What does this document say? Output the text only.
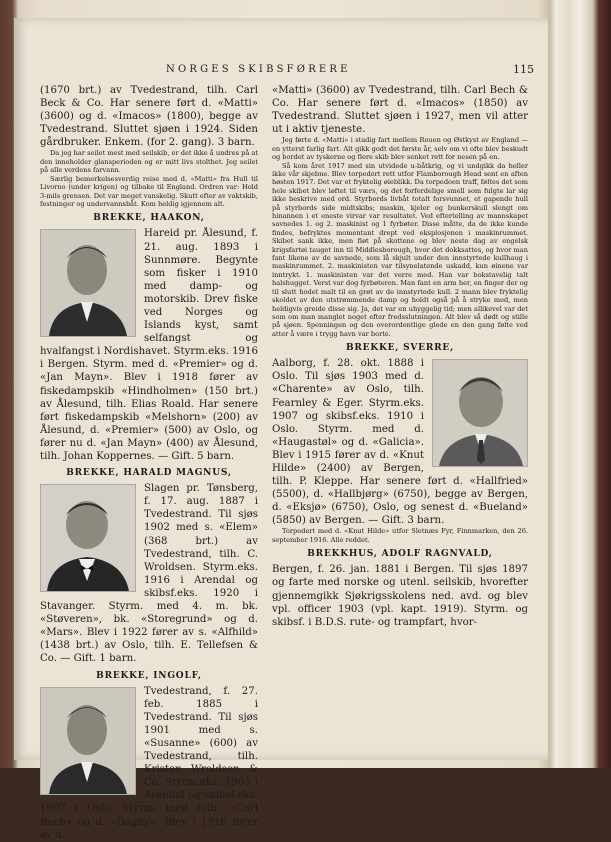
NORGES SKIBSFØRERE	115

(1670 brt.) av Tvedestrand, tilh. Carl Beck & Co. Har senere ført d. «Matti» (3600) og d. «Imacos» (1800), begge av Tvedestrand. Sluttet sjøen i 1924. Siden gårdbruker. Enkem. (for 2. gang). 3 barn.

Da jeg har seilet mest med seilskib, er det ikke å undres på at den inneholder glansperioden og er mitt livs stolthet. Jeg seilet på alle verdens farvann.

Særlig bemerkelsesverdig reise med d. «Matti» fra Hull til Livorno (under krigen) og tilbake til England. Ordren var: Hold 3-mils grensen. Det var meget vanskelig. Skutt efter av vaktskib, festninger og undervannsbåt. Kom heldig igjennem alt.

BREKKE, HAAKON,

Hareid pr. Ålesund, f. 21. aug. 1893 i Sunnmøre. Begynte som fisker i 1910 med damp- og motorskib. Drev fiske ved Norges og Islands kyst, samt selfangst og hvalfangst i Nordishavet. Styrm.eks. 1916 i Bergen. Styrm. med d. «Premier» og d. «Jan Mayn». Blev i 1918 fører av fiskedampskib «Hindholmen» (150 brt.) av Ålesund, tilh. Elias Roald. Har senere ført fiskedampskib «Melshorn» (200) av Ålesund, d. «Premier» (500) av Oslo, og fører nu d. «Jan Mayn» (400) av Ålesund, tilh. Johan Koppernes. — Gift. 5 barn.

BREKKE, HARALD MAGNUS,

Slagen pr. Tønsberg, f. 17. aug. 1887 i Tvedestrand. Til sjøs 1902 med s. «Elem» (368 brt.) av Tvedestrand, tilh. C. Wroldsen. Styrm.eks. 1916 i Arendal og skibsf.eks. 1920 i Stavanger. Styrm. med 4. m. bk. «Støveren», bk. «Storegrund» og d. «Mars». Blev i 1922 fører av s. «Alfhild» (1438 brt.) av Oslo, tilh. E. Tellefsen & Co. — Gift. 1 barn.

BREKKE, INGOLF,

Tvedestrand, f. 27. feb. 1885 i Tvedestrand. Til sjøs 1901 med s. «Susanne» (600) av Tvedestrand, tilh. Kristen Wroldsen & Co. Styrm.eks. 1903 i Arendal og skibsf.eks. 1907 i Oslo. Styrm. med fullr. «Carl Bech» og d. «Dagny». Blev i 1916 fører av d.

«Matti» (3600) av Tvedestrand, tilh. Carl Bech & Co. Har senere ført d. «Imacos» (1850) av Tvedestrand. Sluttet sjøen i 1927, men vil atter ut i aktiv tjeneste.

Jeg førte d. «Matti» i stadig fart mellem Rouen og Østkyst av England — en ytterst farlig fart. Alt gikk godt det første år, selv om vi ofte blev beskudt og bordet av tyskerne og flere skib blev senket rett for nesen på en.

Så kom året 1917 med sin utvidede u-båtkrig, og vi undgikk da heller ikke vår skjebne. Blev torpedert rett utfor Flamborough Head sent en aften høsten 1917. Det var et fryktelig øieblikk. Da torpedoen traff, føltes det som hele skibet blev løftet til værs, og det forferdelige smell som fulgte lar sig ikke beskrive med ord. Styrbords livbåt totalt forsvunnet, et gapende hull på styrbords side midtskibs; maskin, kjeler og bunkerskull slengt om hinannen i et eneste virvar var resultatet. Ved eftertelling av mannskapet savnedes 1. og 2. maskinist og 1 fyrbøter. Disse måtte, da de ikke kunde findes, befryktes momentant drept ved eksplosjonen i maskinrummet. Skibet sank ikke, men fløt på skottene og blev neste dag av engelsk krigsfartøi tauget inn til Middlesborough, hvor det dokksattes, og hvor man fant likene av de savnede, som lå skjult under den innstyrtede kullhaug i maskinrummet. 2. maskinisten var tilsynelatende uskadd, kun øinene var inntrykt. 1. maskinisten var det verre med. Han var bokstavelig talt halshugget. Verst var dog fyrbøteren. Man fant en arm her, en finger der og til slutt hodet malt til en grøt av de innstyrtede kull. 2 mann blev fryktelig skoldet av den utstrømmende damp og holdt også på å stryke med, men heldigvis greide disse sig. Ja, det var en uhyggelig tid; men allikevel var det som om man manglet noget efter fredsslutningen. Alt blev så dødt og stille på sjøen. Spenningen og den overordentlige glede en den gang følte ved atter å være i trygg havn var borte.

BREKKE, SVERRE,

Aalborg, f. 28. okt. 1888 i Oslo. Til sjøs 1903 med d. «Charente» av Oslo, tilh. Fearnley & Eger. Styrm.eks. 1907 og skibsf.eks. 1910 i Oslo. Styrm. med d. «Haugastøl» og d. «Galicia». Blev i 1915 fører av d. «Knut Hilde» (2400) av Bergen, tilh. P. Kleppe. Har senere ført d. «Hallfried» (5500), d. «Hallbjørg» (6750), begge av Bergen, d. «Eksjø» (6750), Oslo, og senest d. «Bueland» (5850) av Bergen. — Gift. 3 barn.

Torpedert med d. «Knut Hilde» utfor Sletnæs Fyr, Finnmarken, den 26. september 1916. Alle reddet.

BREKKHUS, ADOLF RAGNVALD,

Bergen, f. 26. jan. 1881 i Bergen. Til sjøs 1897 og farte med norske og utenl. seilskib, hvorefter gjennemgikk Sjøkrigsskolens ned. avd. og blev vpl. officer 1903 (vpl. kapt. 1919). Styrm. og skibsf. i B.D.S. rute- og trampfart, hvor-
